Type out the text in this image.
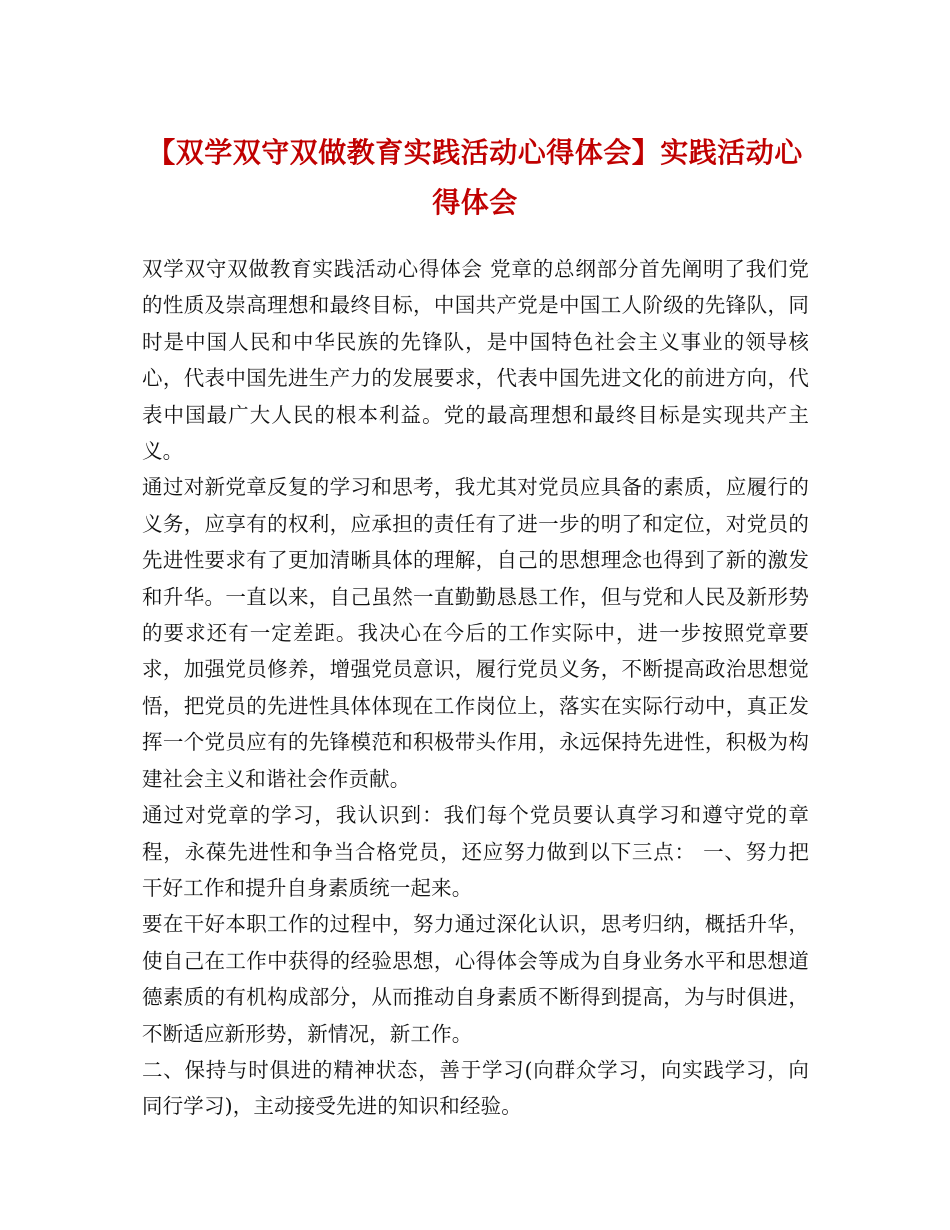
【双学双守双做教育实践活动心得体会】实践活动心得体会

双学双守双做教育实践活动心得体会 党章的总纲部分首先阐明了我们党的性质及崇高理想和最终目标，中国共产党是中国工人阶级的先锋队，同时是中国人民和中华民族的先锋队，是中国特色社会主义事业的领导核心，代表中国先进生产力的发展要求，代表中国先进文化的前进方向，代表中国最广大人民的根本利益。党的最高理想和最终目标是实现共产主义。

通过对新党章反复的学习和思考，我尤其对党员应具备的素质，应履行的义务，应享有的权利，应承担的责任有了进一步的明了和定位，对党员的先进性要求有了更加清晰具体的理解，自己的思想理念也得到了新的激发和升华。一直以来，自己虽然一直勤勤恳恳工作，但与党和人民及新形势的要求还有一定差距。我决心在今后的工作实际中，进一步按照党章要求，加强党员修养，增强党员意识，履行党员义务，不断提高政治思想觉悟，把党员的先进性具体体现在工作岗位上，落实在实际行动中，真正发挥一个党员应有的先锋模范和积极带头作用，永远保持先进性，积极为构建社会主义和谐社会作贡献。

通过对党章的学习，我认识到：我们每个党员要认真学习和遵守党的章程，永葆先进性和争当合格党员，还应努力做到以下三点： 一、努力把干好工作和提升自身素质统一起来。

要在干好本职工作的过程中，努力通过深化认识，思考归纳，概括升华，使自己在工作中获得的经验思想，心得体会等成为自身业务水平和思想道德素质的有机构成部分，从而推动自身素质不断得到提高，为与时俱进，不断适应新形势，新情况，新工作。

二、保持与时俱进的精神状态，善于学习(向群众学习，向实践学习，向同行学习)，主动接受先进的知识和经验。
